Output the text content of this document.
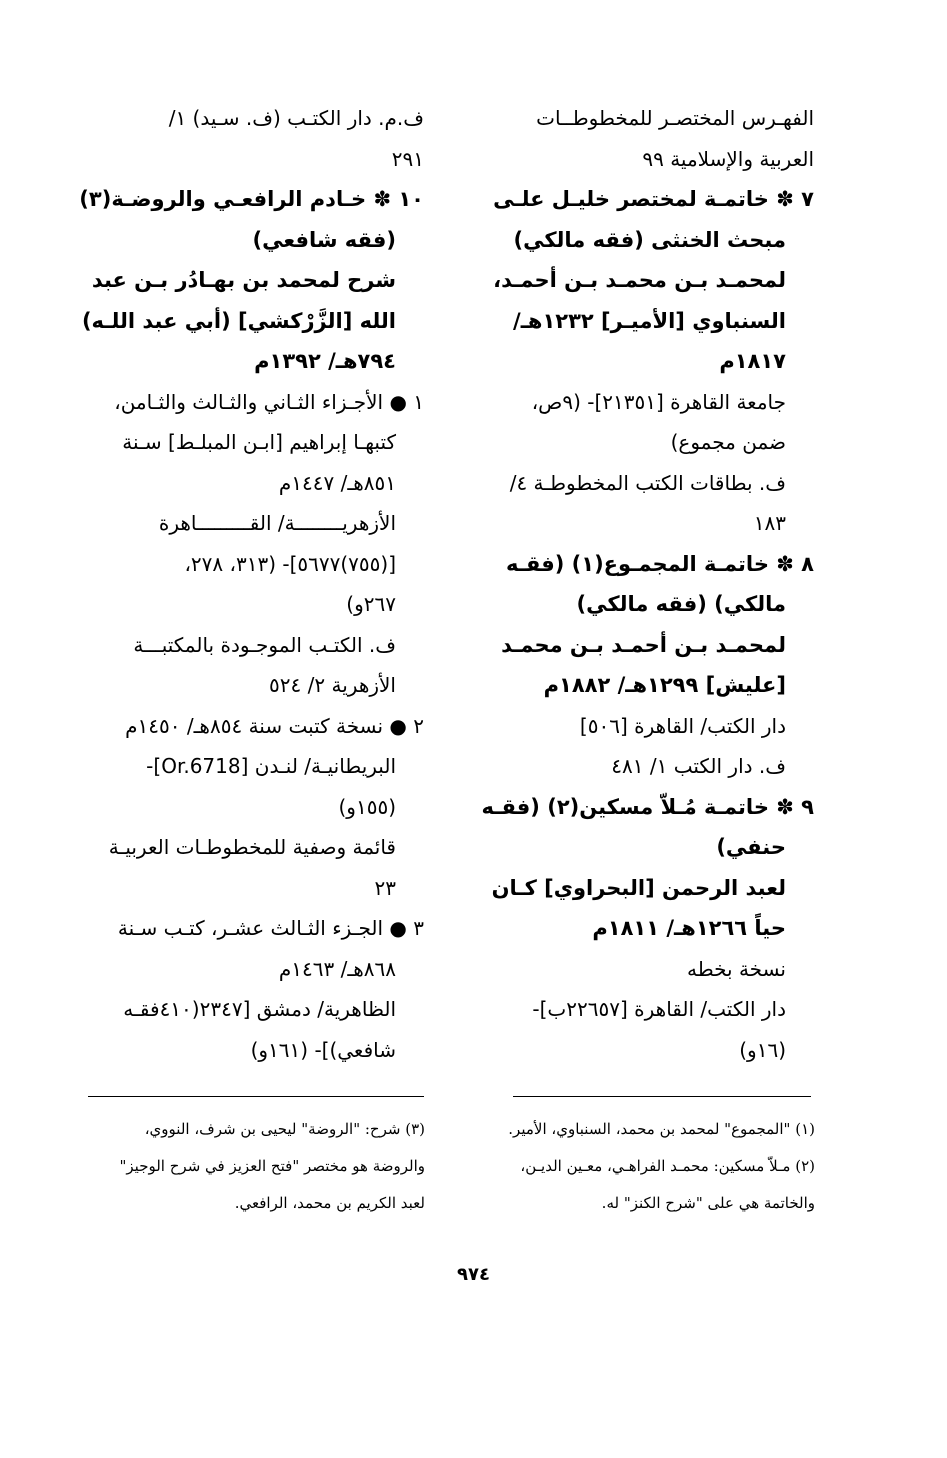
الفهـرس المختصـر للمخطوطــات
العربية والإسلامية ٩٩
٧ ✽ خاتمـة لمختصر خليـل علـى
مبحث الخنثى (فقه مالكي)
لمحمـد بـن محمـد بـن أحمـد،
السنباوي [الأميـر] ١٢٣٢هـ/
١٨١٧م
جامعة القاهرة [٢١٣٥١]- (٩ص،
ضمن مجموع)
ف. بطاقات الكتب المخطوطـة ٤/
١٨٣
٨ ✽ خاتمـة المجمـوع(١) (فقـه
مالكي) (فقه مالكي)
لمحمـد بـن أحمـد بـن محمـد
[عليش] ١٢٩٩هـ/ ١٨٨٢م
دار الكتب/ القاهرة [٥٠٦]
ف. دار الكتب ١/ ٤٨١
٩ ✽ خاتمـة مُـلاّ مسكين(٢) (فقـه
حنفي)
لعبد الرحمن [البحراوي] كـان
حياً ١٢٦٦هـ/ ١٨١١م
نسخة بخطه
دار الكتب/ القاهرة [٢٢٦٥٧ب]-
(١٦و)
ف.م. دار الكتـب (ف. سـيد) ١/
٢٩١
١٠ ✽ خـادم الرافعـي والروضـة(٣)
(فقه شافعي)
شرح لمحمد بن بهـادُر بـن عبد
الله [الزَّرْكشي] (أبي عبد اللـه)
٧٩٤هـ/ ١٣٩٢م
١ ● الأجـزاء الثـاني والثـالث والثـامن،
كتبهـا إبراهيم [ابـن المبلـط] سـنة
٨٥١هـ/ ١٤٤٧م
الأزهريــــــــة/ القـــــــــاهرة
[(٧٥٥)٥٦٧٧]- (٣١٣، ٢٧٨،
٢٦٧و)
ف. الكتـب الموجـودة بالمكتبـــة
الأزهرية ٢/ ٥٢٤
٢ ● نسخة كتبت سنة ٨٥٤هـ/ ١٤٥٠م
البريطانيـة/ لنـدن [Or.6718]-
(١٥٥و)
قائمة وصفية للمخطوطـات العربيـة
٢٣
٣ ● الجـزء الثـالث عشـر، كتـب سـنة
٨٦٨هـ/ ١٤٦٣م
الظاهرية/ دمشق [٢٣٤٧(٤١٠فقـه
شافعي)]- (١٦١و)
(١) "المجموع" لمحمد بن محمد، السنباوي، الأمير.
(٢) مـلاّ مسكين: محمـد الفراهـي، معـين الديـن،
والخاتمة هي على "شرح الكنز" له.
(٣) شرح: "الروضة" ليحيى بن شرف، النووي،
والروضة هو مختصر "فتح العزيز في شرح الوجيز"
لعبد الكريم بن محمد، الرافعي.
٩٧٤
